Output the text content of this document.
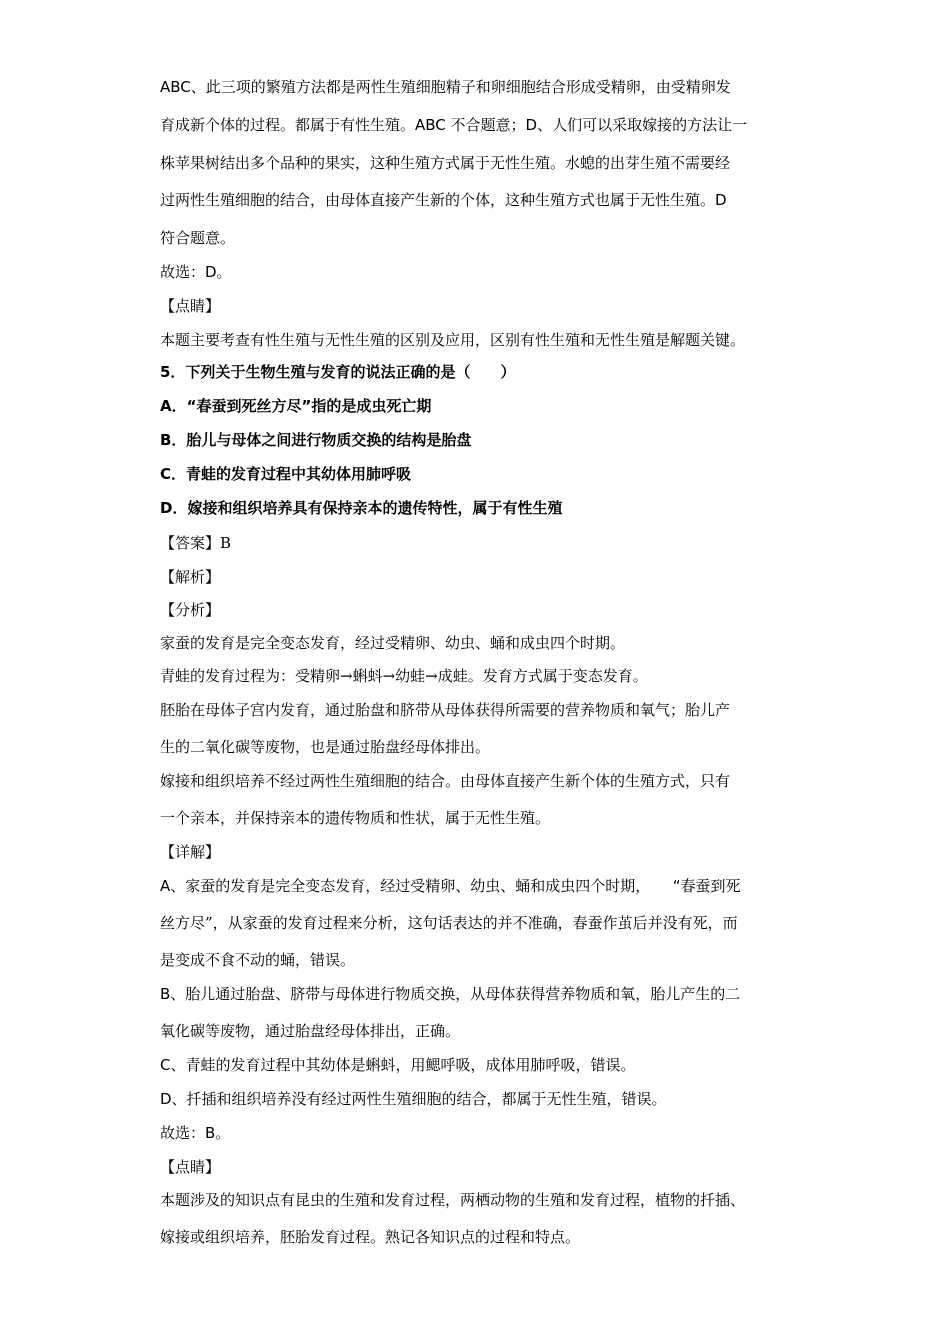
ABC、此三项的繁殖方法都是两性生殖细胞精子和卵细胞结合形成受精卵，由受精卵发
育成新个体的过程。都属于有性生殖。ABC 不合题意；D、人们可以采取嫁接的方法让一
株苹果树结出多个品种的果实，这种生殖方式属于无性生殖。水螅的出芽生殖不需要经
过两性生殖细胞的结合，由母体直接产生新的个体，这种生殖方式也属于无性生殖。D
符合题意。
故选：D。
【点睛】
本题主要考查有性生殖与无性生殖的区别及应用，区别有性生殖和无性生殖是解题关键。
5．下列关于生物生殖与发育的说法正确的是（　　）
A．“春蚕到死丝方尽”指的是成虫死亡期
B．胎儿与母体之间进行物质交换的结构是胎盘
C．青蛙的发育过程中其幼体用肺呼吸
D．嫁接和组织培养具有保持亲本的遗传特性，属于有性生殖
【答案】B
【解析】
【分析】
家蚕的发育是完全变态发育，经过受精卵、幼虫、蛹和成虫四个时期。
青蛙的发育过程为：受精卵→蝌蚪→幼蛙→成蛙。发育方式属于变态发育。
胚胎在母体子宫内发育，通过胎盘和脐带从母体获得所需要的营养物质和氧气；胎儿产
生的二氧化碳等废物，也是通过胎盘经母体排出。
嫁接和组织培养不经过两性生殖细胞的结合。由母体直接产生新个体的生殖方式，只有
一个亲本，并保持亲本的遗传物质和性状，属于无性生殖。
【详解】
A、家蚕的发育是完全变态发育，经过受精卵、幼虫、蛹和成虫四个时期，　　“春蚕到死
丝方尽”，从家蚕的发育过程来分析，这句话表达的并不准确，春蚕作茧后并没有死，而
是变成不食不动的蛹，错误。
B、胎儿通过胎盘、脐带与母体进行物质交换，从母体获得营养物质和氧，胎儿产生的二
氧化碳等废物，通过胎盘经母体排出，正确。
C、青蛙的发育过程中其幼体是蝌蚪，用鳃呼吸，成体用肺呼吸，错误。
D、扦插和组织培养没有经过两性生殖细胞的结合，都属于无性生殖，错误。
故选：B。
【点睛】
本题涉及的知识点有昆虫的生殖和发育过程，两栖动物的生殖和发育过程，植物的扦插、
嫁接或组织培养，胚胎发育过程。熟记各知识点的过程和特点。
